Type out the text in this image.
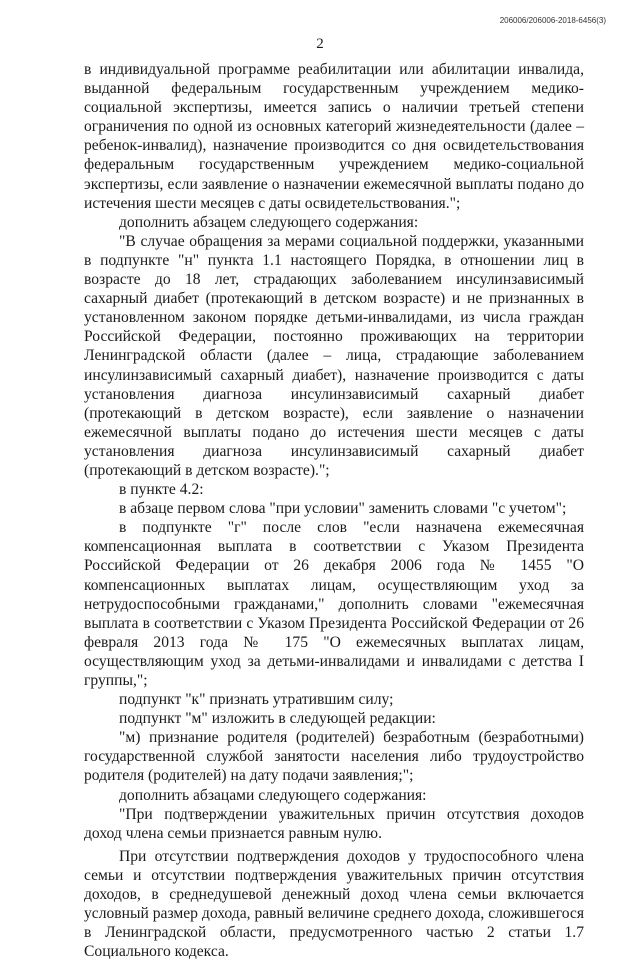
206006/206006-2018-6456(3)
2

в индивидуальной программе реабилитации или абилитации инвалида, выданной федеральным государственным учреждением медико-социальной экспертизы, имеется запись о наличии третьей степени ограничения по одной из основных категорий жизнедеятельности (далее – ребенок-инвалид), назначение производится со дня освидетельствования федеральным государственным учреждением медико-социальной экспертизы, если заявление о назначении ежемесячной выплаты подано до истечения шести месяцев с даты освидетельствования.";

дополнить абзацем следующего содержания:

"В случае обращения за мерами социальной поддержки, указанными в подпункте "н" пункта 1.1 настоящего Порядка, в отношении лиц в возрасте до 18 лет, страдающих заболеванием инсулинзависимый сахарный диабет (протекающий в детском возрасте) и не признанных в установленном законом порядке детьми-инвалидами, из числа граждан Российской Федерации, постоянно проживающих на территории Ленинградской области (далее – лица, страдающие заболеванием инсулинзависимый сахарный диабет), назначение производится с даты установления диагноза инсулинзависимый сахарный диабет (протекающий в детском возрасте), если заявление о назначении ежемесячной выплаты подано до истечения шести месяцев с даты установления диагноза инсулинзависимый сахарный диабет (протекающий в детском возрасте).";

в пункте 4.2:

в абзаце первом слова "при условии" заменить словами "с учетом";

в подпункте "г" после слов "если назначена ежемесячная компенсационная выплата в соответствии с Указом Президента Российской Федерации от 26 декабря 2006 года № 1455 "О компенсационных выплатах лицам, осуществляющим уход за нетрудоспособными гражданами," дополнить словами "ежемесячная выплата в соответствии с Указом Президента Российской Федерации от 26 февраля 2013 года № 175 "О ежемесячных выплатах лицам, осуществляющим уход за детьми-инвалидами и инвалидами с детства I группы,";

подпункт "к" признать утратившим силу;

подпункт "м" изложить в следующей редакции:

"м) признание родителя (родителей) безработным (безработными) государственной службой занятости населения либо трудоустройство родителя (родителей) на дату подачи заявления;";

дополнить абзацами следующего содержания:

"При подтверждении уважительных причин отсутствия доходов доход члена семьи признается равным нулю.

При отсутствии подтверждения доходов у трудоспособного члена семьи и отсутствии подтверждения уважительных причин отсутствия доходов, в среднедушевой денежный доход члена семьи включается условный размер дохода, равный величине среднего дохода, сложившегося в Ленинградской области, предусмотренного частью 2 статьи 1.7 Социального кодекса.
